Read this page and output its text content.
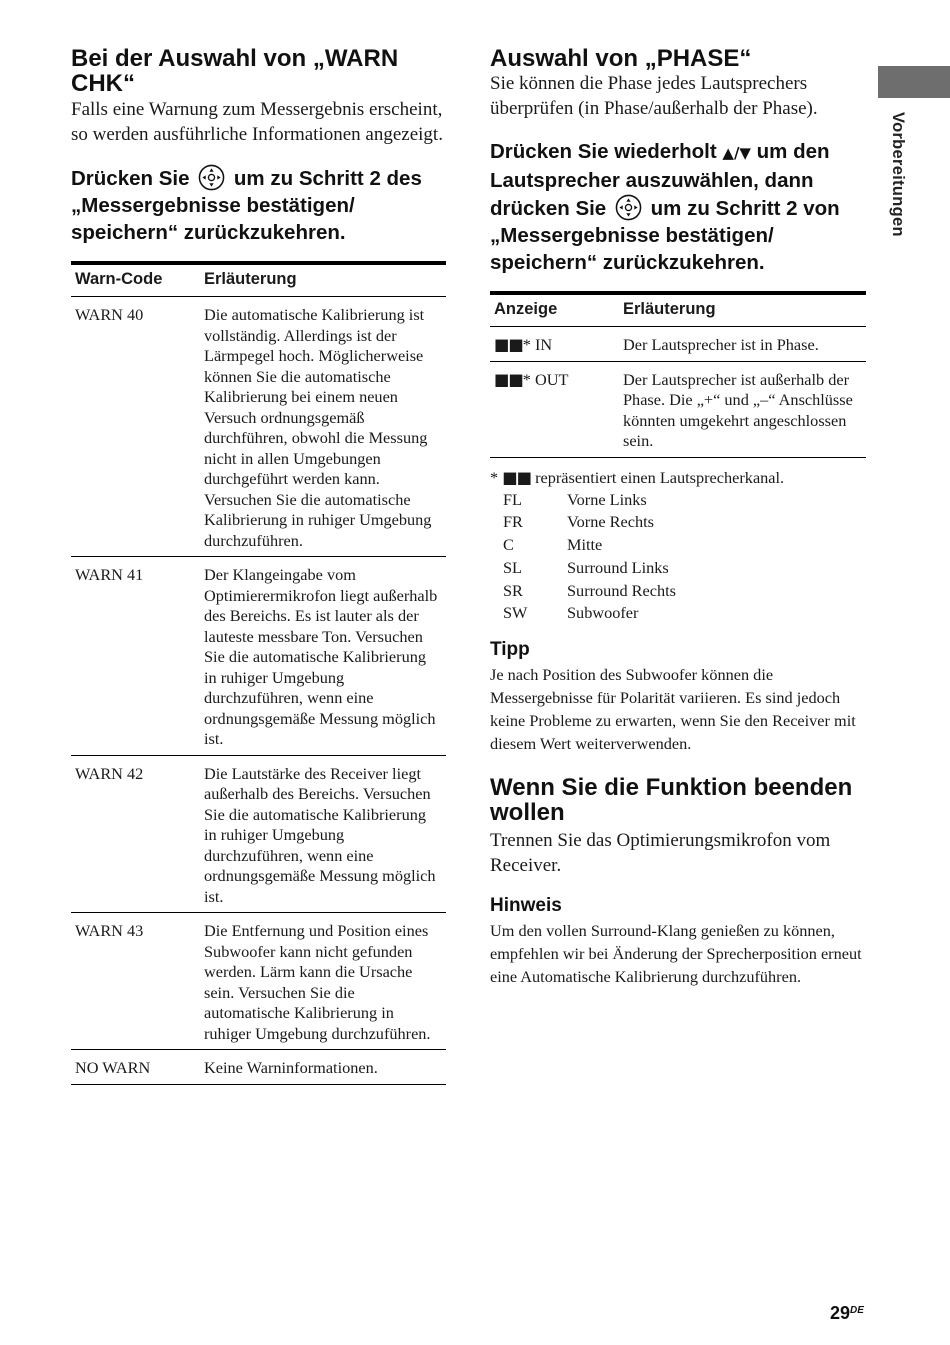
Bei der Auswahl von „WARN CHK“

Falls eine Warnung zum Messergebnis erscheint, so werden ausführliche Informationen angezeigt.

Drücken Sie um zu Schritt 2 des „Messergebnisse bestätigen/ speichern“ zurückzukehren.
Warn-Code	Erläuterung
WARN 40	Die automatische Kalibrierung ist vollständig. Allerdings ist der Lärmpegel hoch. Möglicherweise können Sie die automatische Kalibrierung bei einem neuen Versuch ordnungsgemäß durchführen, obwohl die Messung nicht in allen Umgebungen durchgeführt werden kann. Versuchen Sie die automatische Kalibrierung in ruhiger Umgebung durchzuführen.
WARN 41	Der Klangeingabe vom Optimierermikrofon liegt außerhalb des Bereichs. Es ist lauter als der lauteste messbare Ton. Versuchen Sie die automatische Kalibrierung in ruhiger Umgebung durchzuführen, wenn eine ordnungsgemäße Messung möglich ist.
WARN 42	Die Lautstärke des Receiver liegt außerhalb des Bereichs. Versuchen Sie die automatische Kalibrierung in ruhiger Umgebung durchzuführen, wenn eine ordnungsgemäße Messung möglich ist.
WARN 43	Die Entfernung und Position eines Subwoofer kann nicht gefunden werden. Lärm kann die Ursache sein. Versuchen Sie die automatische Kalibrierung in ruhiger Umgebung durchzuführen.
NO WARN	Keine Warninformationen.
Auswahl von „PHASE“

Sie können die Phase jedes Lautsprechers überprüfen (in Phase/außerhalb der Phase).

Drücken Sie wiederholt ▲/▼ um den Lautsprecher auszuwählen, dann drücken Sie um zu Schritt 2 von „Messergebnisse bestätigen/ speichern“ zurückzukehren.
Anzeige	Erläuterung
■■* IN	Der Lautsprecher ist in Phase.
■■* OUT	Der Lautsprecher ist außerhalb der Phase. Die „+“ und „–“ Anschlüsse könnten umgekehrt angeschlossen sein.

* ■■ repräsentiert einen Lautsprecherkanal.

FL	Vorne Links
FR	Vorne Rechts
C	Mitte
SL	Surround Links
SR	Surround Rechts
SW	Subwoofer
Tipp

Je nach Position des Subwoofer können die Messergebnisse für Polarität variieren. Es sind jedoch keine Probleme zu erwarten, wenn Sie den Receiver mit diesem Wert weiterverwenden.

Wenn Sie die Funktion beenden wollen

Trennen Sie das Optimierungsmikrofon vom Receiver.

Hinweis

Um den vollen Surround-Klang genießen zu können, empfehlen wir bei Änderung der Sprecherposition erneut eine Automatische Kalibrierung durchzuführen.

Vorbereitungen
29DE
